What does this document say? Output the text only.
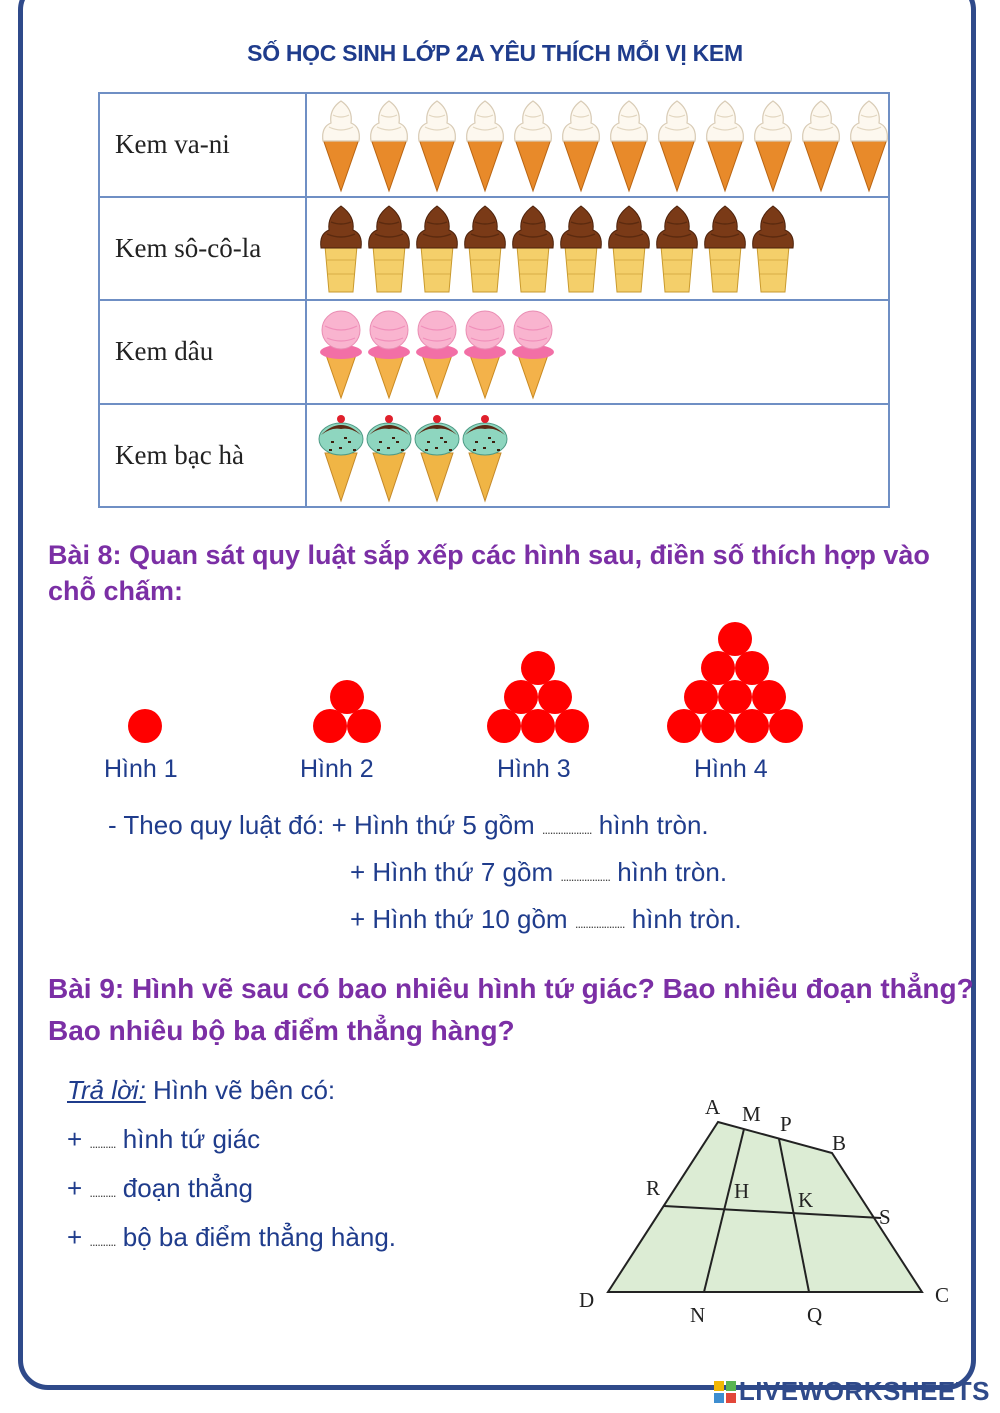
SỐ HỌC SINH LỚP 2A YÊU THÍCH MỖI VỊ KEM
Kem va-ni	

Kem sô-cô-la	

Kem dâu	

Kem bạc hà	
Bài 8: Quan sát quy luật sắp xếp các hình sau, điền số thích hợp vào chỗ chấm:
Hình 1	Hình 2	Hình 3	Hình 4
- Theo quy luật đó: + Hình thứ 5 gồm ................... hình tròn.
+ Hình thứ 7 gồm ................... hình tròn.
+ Hình thứ 10 gồm ................... hình tròn.
Bài 9: Hình vẽ sau có bao nhiêu hình tứ giác? Bao nhiêu đoạn thẳng? Bao nhiêu bộ ba điểm thẳng hàng?
Trả lời: Hình vẽ bên có:
+ .......... hình tứ giác
+ .......... đoạn thẳng
+ .......... bộ ba điểm thẳng hàng.
A M P
B
R	H K
S
D
N	Q
C
LIVEWORKSHEETS
